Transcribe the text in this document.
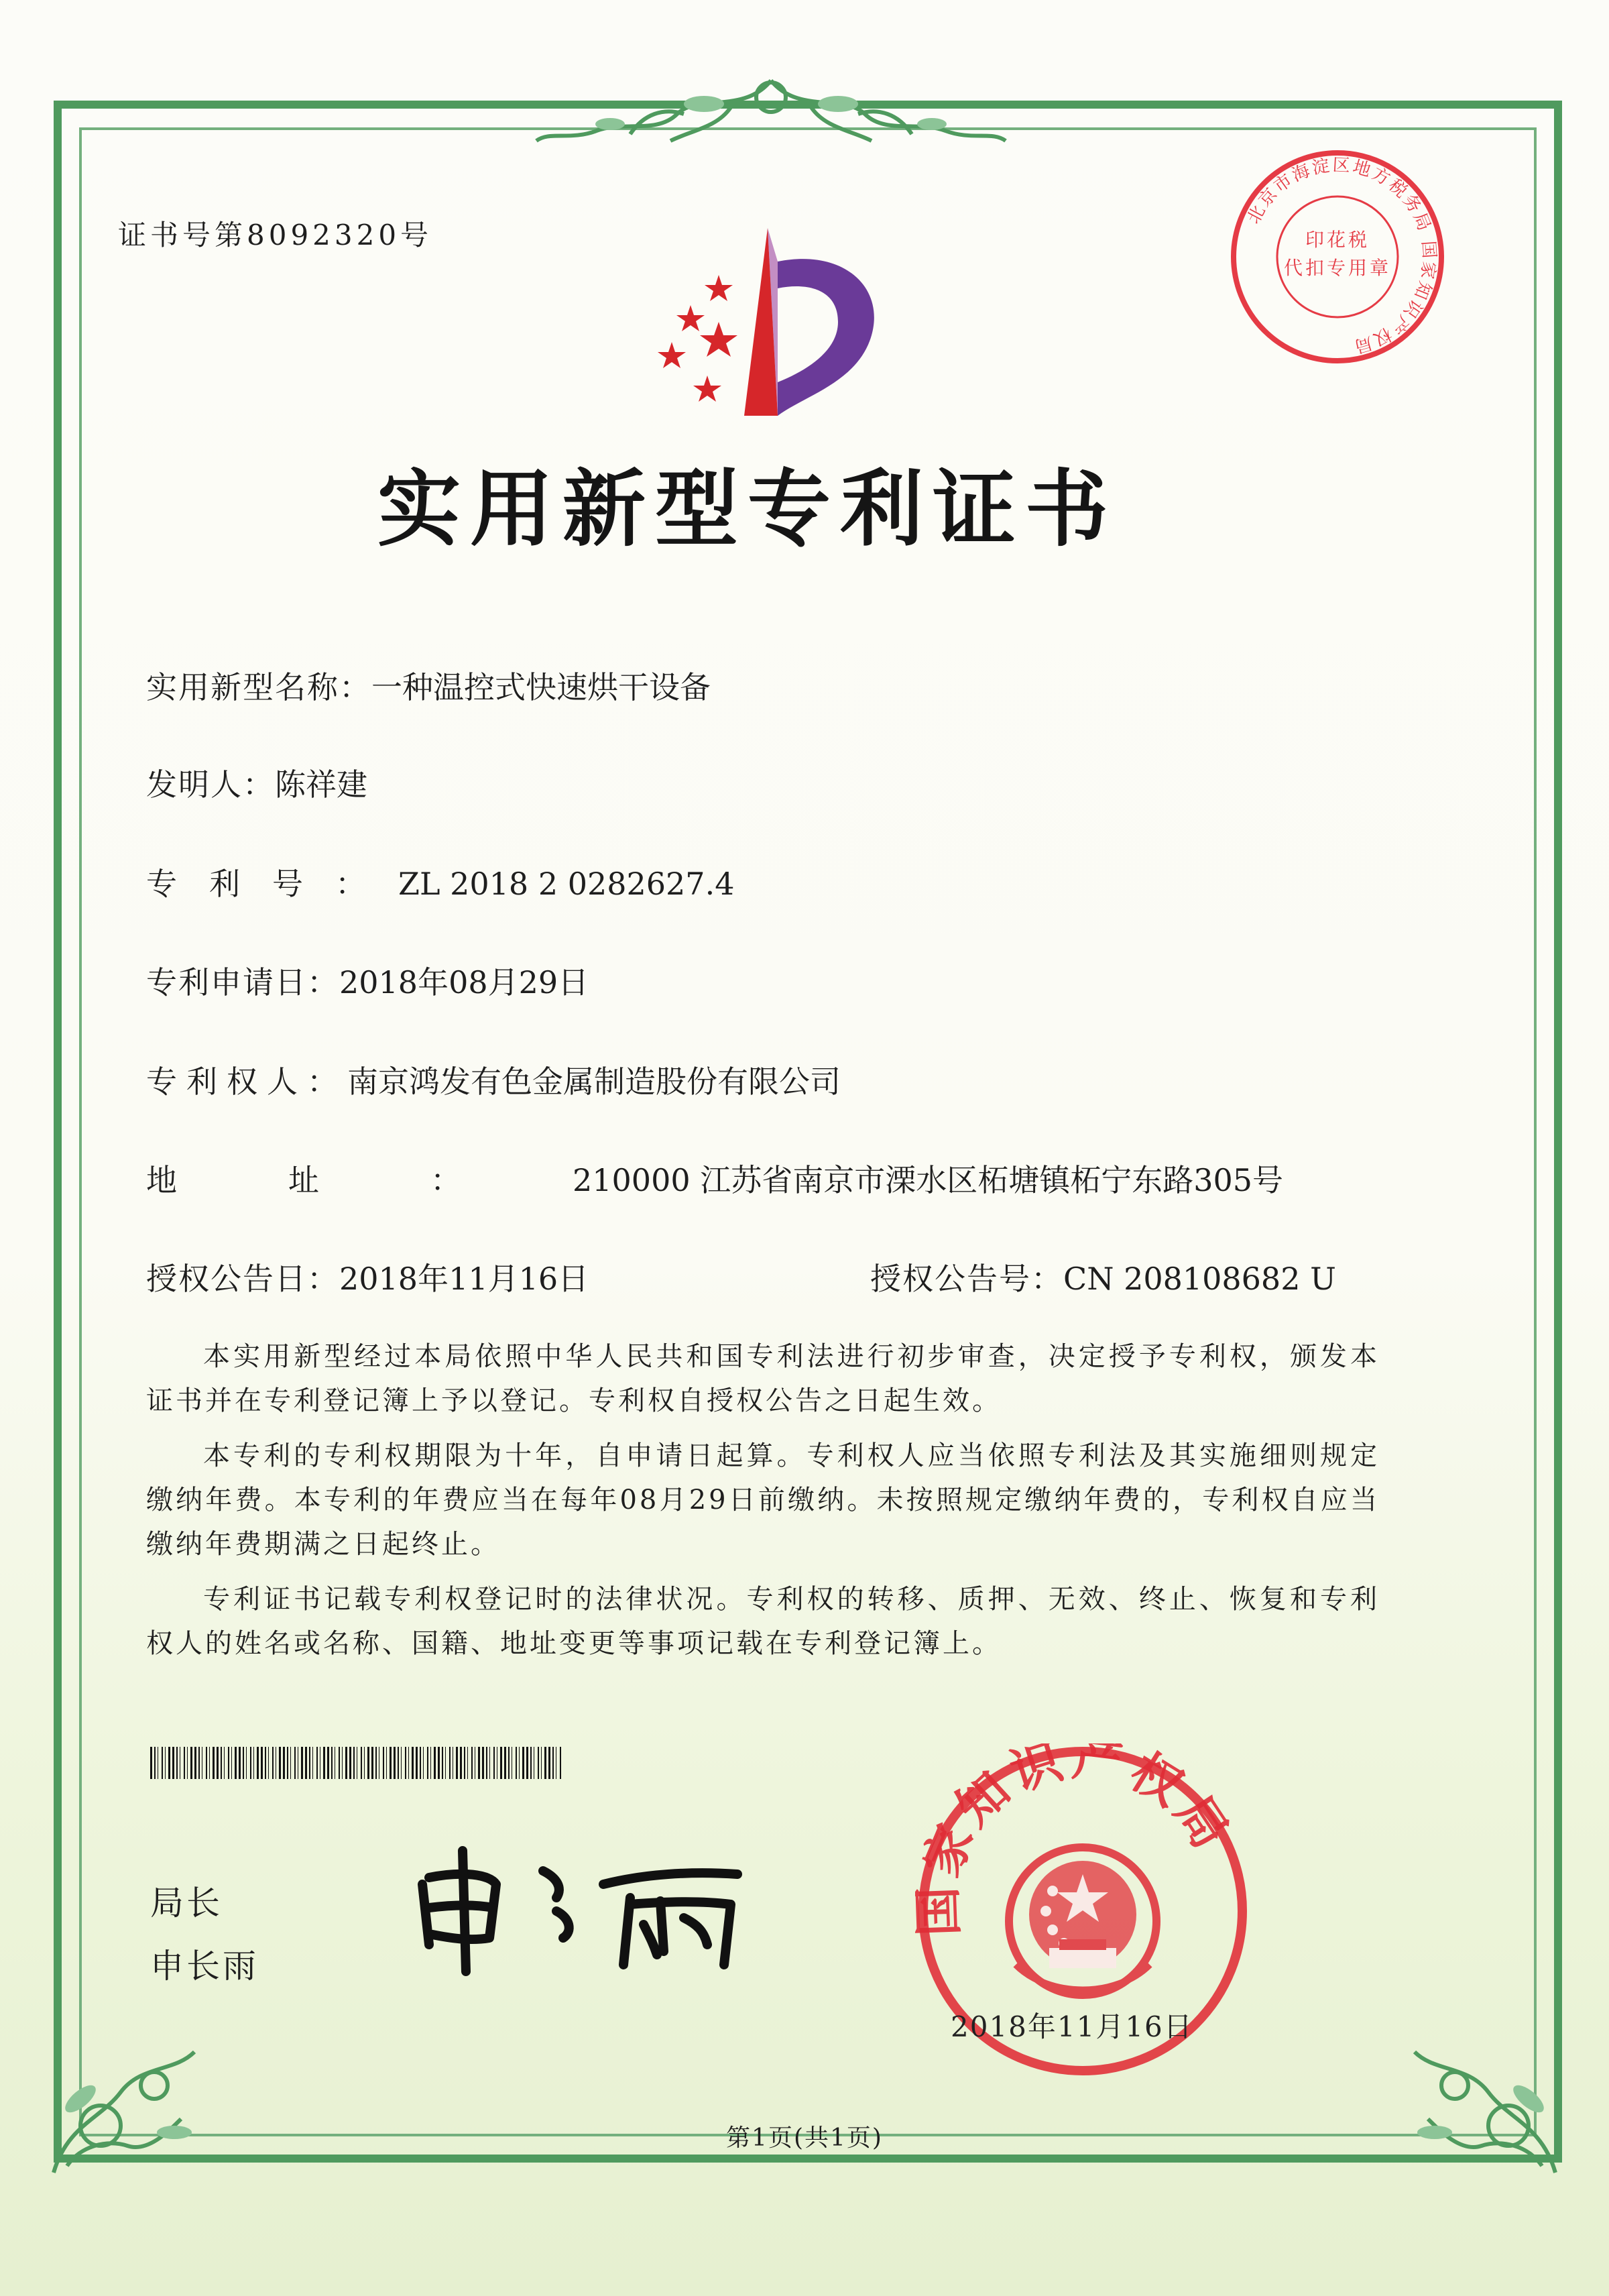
证书号第8092320号
北京市海淀区地方税务局 国家知识产权局
印花税
代扣专用章
实用新型专利证书
实用新型名称：一种温控式快速烘干设备
发明人：陈祥建
专利号：ZL 2018 2 0282627.4
专利申请日：2018年08月29日
专利权人：南京鸿发有色金属制造股份有限公司
地址：210000 江苏省南京市溧水区柘塘镇柘宁东路305号
授权公告日：2018年11月16日	授权公告号：CN 208108682 U
本实用新型经过本局依照中华人民共和国专利法进行初步审查，决定授予专利权，颁发本证书并在专利登记簿上予以登记。专利权自授权公告之日起生效。
本专利的专利权期限为十年，自申请日起算。专利权人应当依照专利法及其实施细则规定缴纳年费。本专利的年费应当在每年08月29日前缴纳。未按照规定缴纳年费的，专利权自应当缴纳年费期满之日起终止。
专利证书记载专利权登记时的法律状况。专利权的转移、质押、无效、终止、恢复和专利权人的姓名或名称、国籍、地址变更等事项记载在专利登记簿上。
局长
申长雨
家知识产权局
2018年11月16日
第1页(共1页)
